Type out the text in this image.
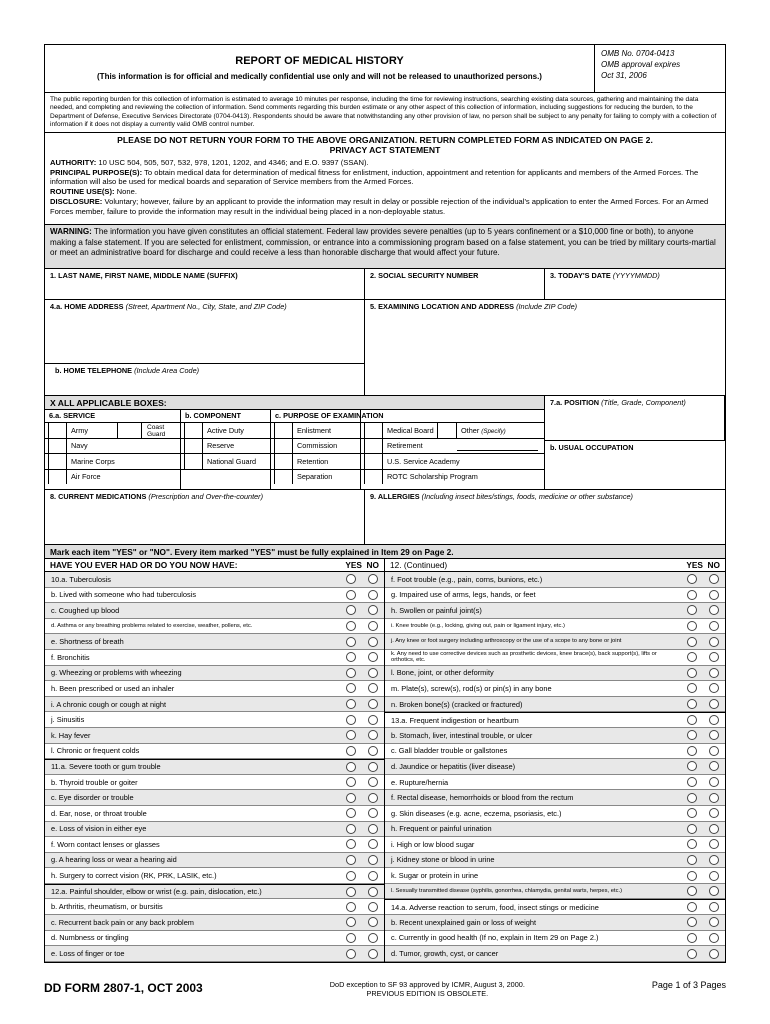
REPORT OF MEDICAL HISTORY
(This information is for official and medically confidential use only and will not be released to unauthorized persons.)
OMB No. 0704-0413
OMB approval expires
Oct 31, 2006
The public reporting burden for this collection of information is estimated to average 10 minutes per response, including the time for reviewing instructions, searching existing data sources, gathering and maintaining the data needed, and completing and reviewing the collection of information. Send comments regarding this burden estimate or any other aspect of this collection of information, including suggestions for reducing the burden, to the Department of Defense, Executive Services Directorate (0704-0413). Respondents should be aware that notwithstanding any other provision of law, no person shall be subject to any penalty for failing to comply with a collection of information if it does not display a currently valid OMB control number.
PLEASE DO NOT RETURN YOUR FORM TO THE ABOVE ORGANIZATION. RETURN COMPLETED FORM AS INDICATED ON PAGE 2.
PRIVACY ACT STATEMENT
AUTHORITY: 10 USC 504, 505, 507, 532, 978, 1201, 1202, and 4346; and E.O. 9397 (SSAN).
PRINCIPAL PURPOSE(S): To obtain medical data for determination of medical fitness for enlistment, induction, appointment and retention for applicants and members of the Armed Forces. The information will also be used for medical boards and separation of Service members from the Armed Forces.
ROUTINE USE(S): None.
DISCLOSURE: Voluntary; however, failure by an applicant to provide the information may result in delay or possible rejection of the individual's application to enter the Armed Forces. For an Armed Forces member, failure to provide the information may result in the individual being placed in a non-deployable status.
WARNING: The information you have given constitutes an official statement. Federal law provides severe penalties (up to 5 years confinement or a $10,000 fine or both), to anyone making a false statement. If you are selected for enlistment, commission, or entrance into a commissioning program based on a false statement, you can be tried by military courts-martial or meet an administrative board for discharge and could receive a less than honorable discharge that would affect your future.
1. LAST NAME, FIRST NAME, MIDDLE NAME (SUFFIX)	2. SOCIAL SECURITY NUMBER	3. TODAY'S DATE (YYYYMMDD)
4.a. HOME ADDRESS (Street, Apartment No., City, State, and ZIP Code)
b. HOME TELEPHONE (Include Area Code)
5. EXAMINING LOCATION AND ADDRESS (Include ZIP Code)
X ALL APPLICABLE BOXES:
6.a. SERVICE
Army	Coast Guard
Navy
Marine Corps
Air Force
b. COMPONENT
Active Duty
Reserve
National Guard
c. PURPOSE OF EXAMINATION
Enlistment
Commission
Retention
Separation
Medical Board	Other (Specify)
Retirement
U.S. Service Academy
ROTC Scholarship Program
7.a. POSITION (Title, Grade, Component)
b. USUAL OCCUPATION
8. CURRENT MEDICATIONS (Prescription and Over-the-counter)	9. ALLERGIES (Including insect bites/stings, foods, medicine or other substance)
Mark each item "YES" or "NO". Every item marked "YES" must be fully explained in Item 29 on Page 2.
HAVE YOU EVER HAD OR DO YOU NOW HAVE:	YES NO
10.a. Tuberculosis
b. Lived with someone who had tuberculosis
c. Coughed up blood
d. Asthma or any breathing problems related to exercise, weather, pollens, etc.
e. Shortness of breath
f. Bronchitis
g. Wheezing or problems with wheezing
h. Been prescribed or used an inhaler
i. A chronic cough or cough at night
j. Sinusitis
k. Hay fever
l. Chronic or frequent colds
11.a. Severe tooth or gum trouble
b. Thyroid trouble or goiter
c. Eye disorder or trouble
d. Ear, nose, or throat trouble
e. Loss of vision in either eye
f. Worn contact lenses or glasses
g. A hearing loss or wear a hearing aid
h. Surgery to correct vision (RK, PRK, LASIK, etc.)
12.a. Painful shoulder, elbow or wrist (e.g. pain, dislocation, etc.)
b. Arthritis, rheumatism, or bursitis
c. Recurrent back pain or any back problem
d. Numbness or tingling
e. Loss of finger or toe
12. (Continued)	YES NO
f. Foot trouble (e.g., pain, corns, bunions, etc.)
g. Impaired use of arms, legs, hands, or feet
h. Swollen or painful joint(s)
i. Knee trouble (e.g., locking, giving out, pain or ligament injury, etc.)
j. Any knee or foot surgery including arthroscopy or the use of a scope to any bone or joint
k. Any need to use corrective devices such as prosthetic devices, knee brace(s), back support(s), lifts or orthotics, etc.
l. Bone, joint, or other deformity
m. Plate(s), screw(s), rod(s) or pin(s) in any bone
n. Broken bone(s) (cracked or fractured)
13.a. Frequent indigestion or heartburn
b. Stomach, liver, intestinal trouble, or ulcer
c. Gall bladder trouble or gallstones
d. Jaundice or hepatitis (liver disease)
e. Rupture/hernia
f. Rectal disease, hemorrhoids or blood from the rectum
g. Skin diseases (e.g. acne, eczema, psoriasis, etc.)
h. Frequent or painful urination
i. High or low blood sugar
j. Kidney stone or blood in urine
k. Sugar or protein in urine
l. Sexually transmitted disease (syphilis, gonorrhea, chlamydia, genital warts, herpes, etc.)
14.a. Adverse reaction to serum, food, insect stings or medicine
b. Recent unexplained gain or loss of weight
c. Currently in good health (If no, explain in Item 29 on Page 2.)
d. Tumor, growth, cyst, or cancer
DD FORM 2807-1, OCT 2003	DoD exception to SF 93 approved by ICMR, August 3, 2000.
PREVIOUS EDITION IS OBSOLETE.
Page 1 of 3 Pages
